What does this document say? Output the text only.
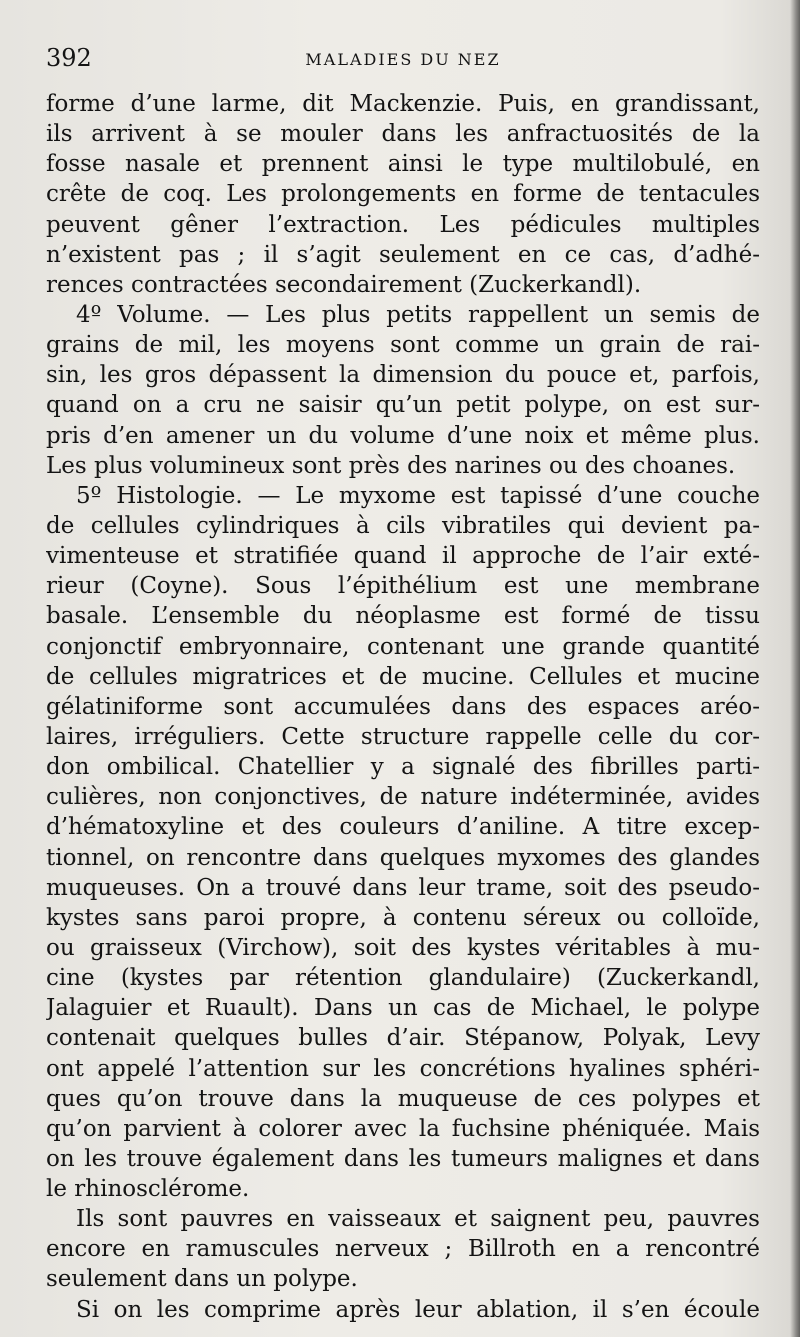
392	MALADIES DU NEZ
forme d’une larme, dit Mackenzie. Puis, en grandissant,
ils arrivent à se mouler dans les anfractuosités de la
fosse nasale et prennent ainsi le type multilobulé, en
crête de coq. Les prolongements en forme de tentacules
peuvent gêner l’extraction. Les pédicules multiples
n’existent pas ; il s’agit seulement en ce cas, d’adhé-
rences contractées secondairement (Zuckerkandl).
4º Volume. — Les plus petits rappellent un semis de
grains de mil, les moyens sont comme un grain de rai-
sin, les gros dépassent la dimension du pouce et, parfois,
quand on a cru ne saisir qu’un petit polype, on est sur-
pris d’en amener un du volume d’une noix et même plus.
Les plus volumineux sont près des narines ou des choanes.
5º Histologie. — Le myxome est tapissé d’une couche
de cellules cylindriques à cils vibratiles qui devient pa-
vimenteuse et stratifiée quand il approche de l’air exté-
rieur (Coyne). Sous l’épithélium est une membrane
basale. L’ensemble du néoplasme est formé de tissu
conjonctif embryonnaire, contenant une grande quantité
de cellules migratrices et de mucine. Cellules et mucine
gélatiniforme sont accumulées dans des espaces aréo-
laires, irréguliers. Cette structure rappelle celle du cor-
don ombilical. Chatellier y a signalé des fibrilles parti-
culières, non conjonctives, de nature indéterminée, avides
d’hématoxyline et des couleurs d’aniline. A titre excep-
tionnel, on rencontre dans quelques myxomes des glandes
muqueuses. On a trouvé dans leur trame, soit des pseudo-
kystes sans paroi propre, à contenu séreux ou colloïde,
ou graisseux (Virchow), soit des kystes véritables à mu-
cine (kystes par rétention glandulaire) (Zuckerkandl,
Jalaguier et Ruault). Dans un cas de Michael, le polype
contenait quelques bulles d’air. Stépanow, Polyak, Levy
ont appelé l’attention sur les concrétions hyalines sphéri-
ques qu’on trouve dans la muqueuse de ces polypes et
qu’on parvient à colorer avec la fuchsine phéniquée. Mais
on les trouve également dans les tumeurs malignes et dans
le rhinosclérome.
Ils sont pauvres en vaisseaux et saignent peu, pauvres
encore en ramuscules nerveux ; Billroth en a rencontré
seulement dans un polype.
Si on les comprime après leur ablation, il s’en écoule
